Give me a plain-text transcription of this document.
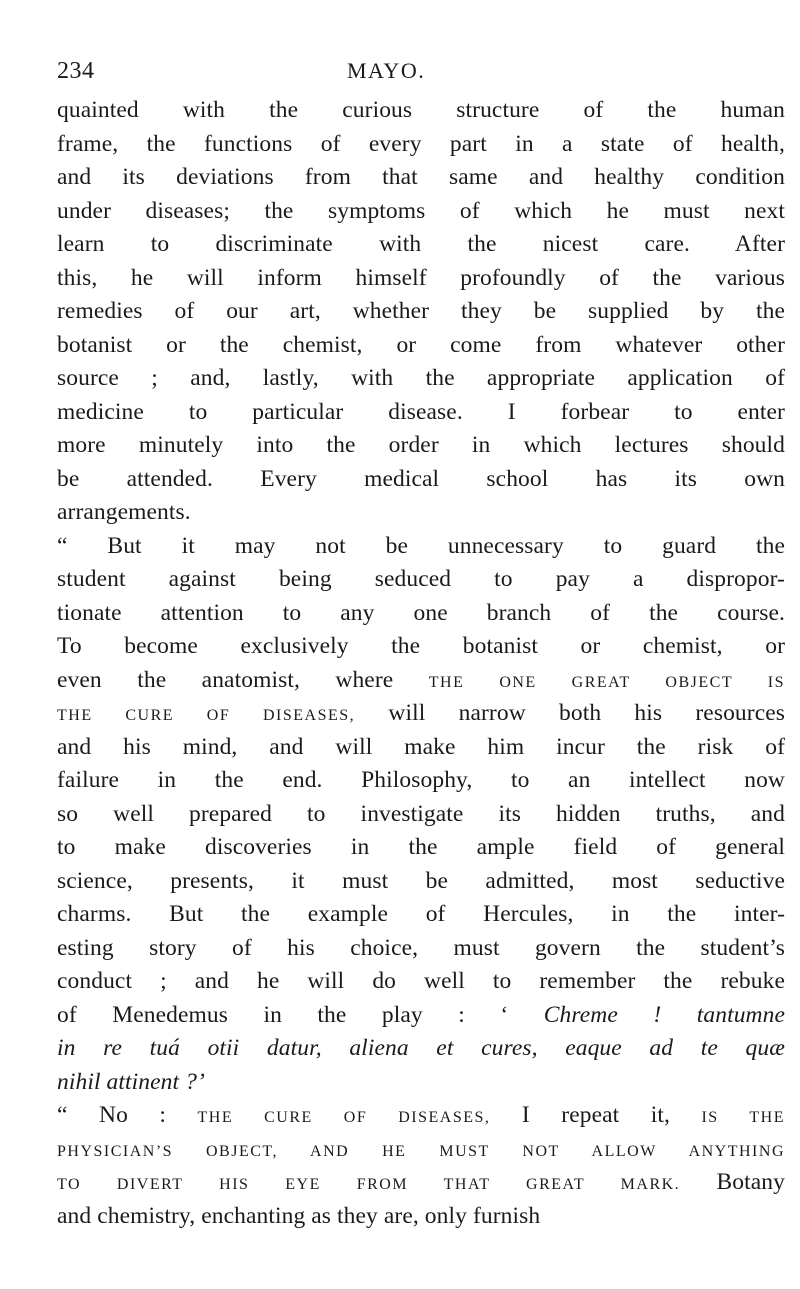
234	MAYO.
quainted with the curious structure of the human
frame, the functions of every part in a state of health,
and its deviations from that same and healthy condition
under diseases; the symptoms of which he must next
learn to discriminate with the nicest care. After
this, he will inform himself profoundly of the various
remedies of our art, whether they be supplied by the
botanist or the chemist, or come from whatever other
source ; and, lastly, with the appropriate application of
medicine to particular disease. I forbear to enter
more minutely into the order in which lectures should
be attended. Every medical school has its own
arrangements.
“ But it may not be unnecessary to guard the
student against being seduced to pay a dispropor-
tionate attention to any one branch of the course.
To become exclusively the botanist or chemist, or
even the anatomist, where THE ONE GREAT OBJECT IS
THE CURE OF DISEASES, will narrow both his resources
and his mind, and will make him incur the risk of
failure in the end. Philosophy, to an intellect now
so well prepared to investigate its hidden truths, and
to make discoveries in the ample field of general
science, presents, it must be admitted, most seductive
charms. But the example of Hercules, in the inter-
esting story of his choice, must govern the student’s
conduct ; and he will do well to remember the rebuke
of Menedemus in the play : ‘ Chreme ! tantumne
in re tuá otii datur, aliena et cures, eaque ad te quæ
nihil attinent ?’
“ No : THE CURE OF DISEASES, I repeat it, IS THE
PHYSICIAN’S OBJECT, AND HE MUST NOT ALLOW ANYTHING
TO DIVERT HIS EYE FROM THAT GREAT MARK. Botany
and chemistry, enchanting as they are, only furnish
